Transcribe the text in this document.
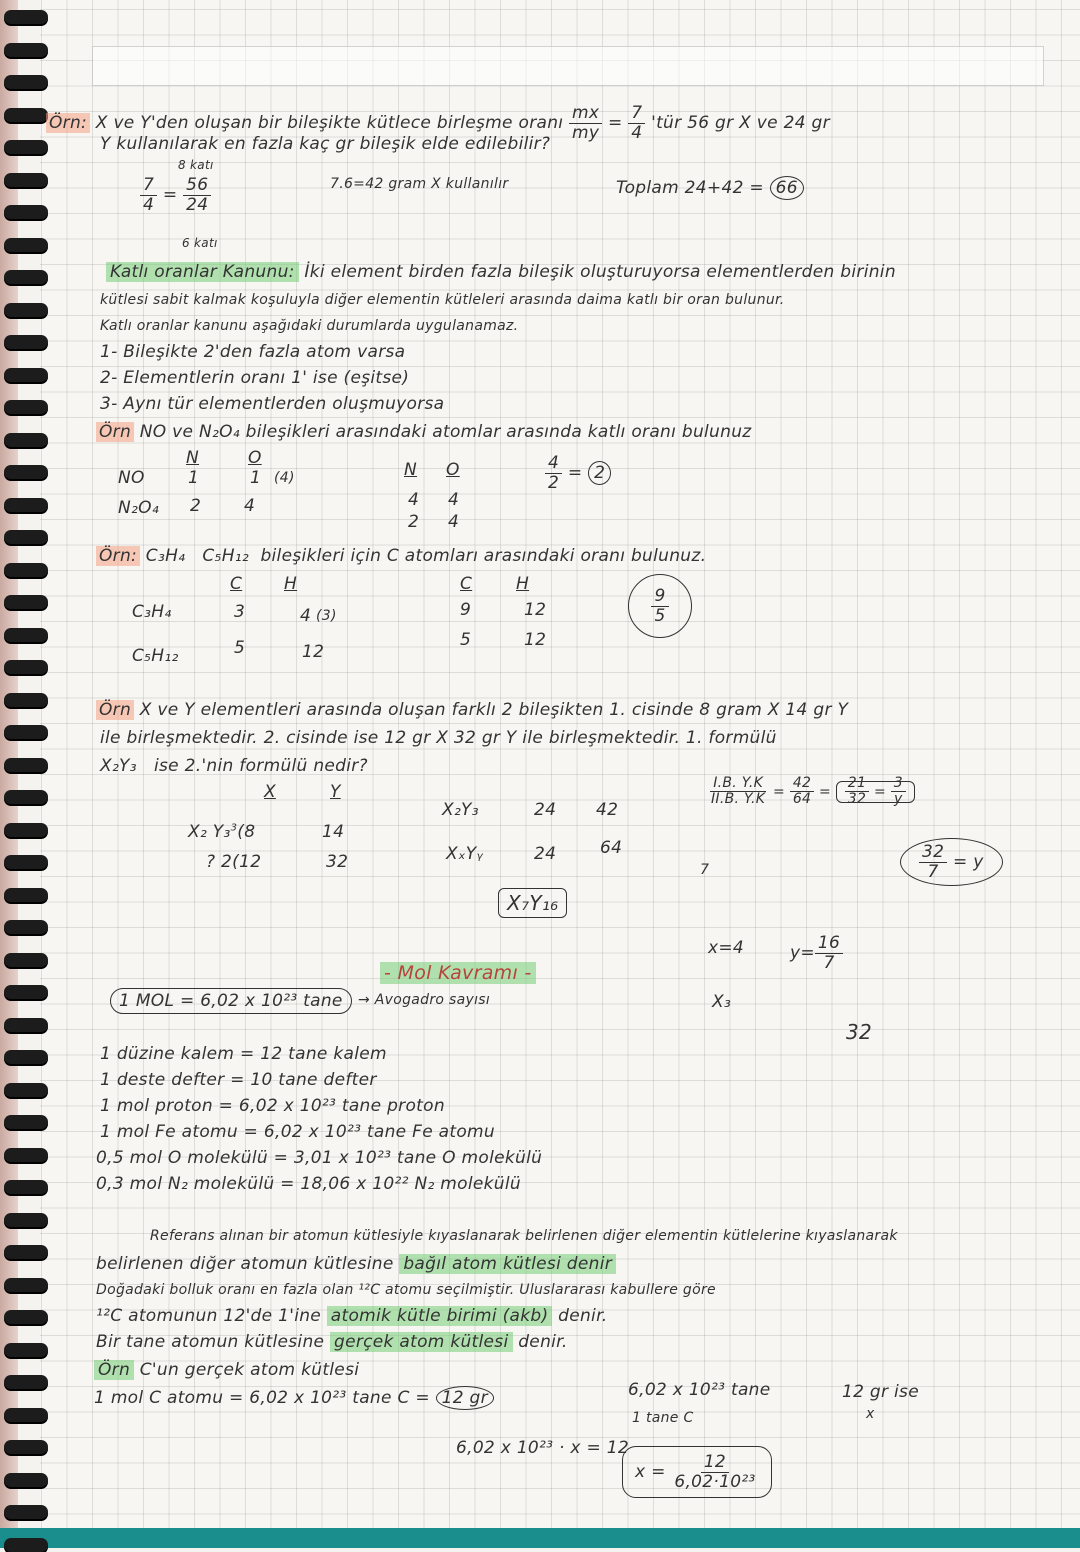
Örn: X ve Y'den oluşan bir bileşikte kütlece birleşme oranı $\frac{mx}{my} = \frac{7}{4}$ 'tür 56 gr X ve 24 gr
Y kullanılarak en fazla kaç gr bileşik elde edilebilir?
8 katı
$\frac{7}{4} = \frac{56}{24}$
6 katı
7.6=42 gram X kullanılır	Toplam 24+42 = 66
Katlı oranlar Kanunu: İki element birden fazla bileşik oluşturuyorsa elementlerden birinin
kütlesi sabit kalmak koşuluyla diğer elementin kütleleri arasında daima katlı bir oran bulunur.
Katlı oranlar kanunu aşağıdaki durumlarda uygulanamaz.
1- Bileşikte 2'den fazla atom varsa
2- Elementlerin oranı 1' ise (eşitse)
3- Aynı tür elementlerden oluşmuyorsa
Örn NO ve N₂O₄ bileşikleri arasındaki atomlar arasında katlı oranı bulunuz
N	O
NO	1	1 (4)
N₂O₄ 2	4
N O
4 4
2 4
$\frac{4}{2} = 2$
Örn: C₃H₄ C₅H₁₂ bileşikleri için C atomları arasındaki oranı bulunuz.
C H
C₃H₄	3	4 (3)
C₅H₁₂	5	12
C	H
9	12
5	12
$\frac{9}{5}$
Örn X ve Y elementleri arasında oluşan farklı 2 bileşikten 1. cisinde 8 gram X 14 gr Y
ile birleşmektedir. 2. cisinde ise 12 gr X 32 gr Y ile birleşmektedir. 1. formülü
X₂Y₃ ise 2.'nin formülü nedir?
X	Y
X₂ Y₃$^3$(8	14
? 2(12	32
X₂Y₃	24 42
XₓYᵧ	24	64
X₇Y₁₆
$\frac{I.B. Y.K}{II.B. Y.K} = \frac{42}{64} = \frac{21}{32} = \frac{3}{y}$
$\frac{32}{7} = y$
x=4	$y= \frac{16}{7}$
7
X₃
32
- Mol Kavramı -
1 MOL = 6,02 x 10²³ tane	→ Avogadro sayısı
1 düzine kalem = 12 tane kalem
1 deste defter = 10 tane defter
1 mol proton = 6,02 x 10²³ tane proton
1 mol Fe atomu = 6,02 x 10²³ tane Fe atomu
0,5 mol O molekülü = 3,01 x 10²³ tane O molekülü
0,3 mol N₂ molekülü = 18,06 x 10²² N₂ molekülü
Referans alınan bir atomun kütlesiyle kıyaslanarak belirlenen diğer elementin kütlelerine kıyaslanarak
belirlenen diğer atomun kütlesine bağıl atom kütlesi denir
Doğadaki bolluk oranı en fazla olan ¹²C atomu seçilmiştir. Uluslararası kabullere göre
¹²C atomunun 12'de 1'ine atomik kütle birimi (akb) denir.
Bir tane atomun kütlesine gerçek atom kütlesi denir.
Örn C'un gerçek atom kütlesi
1 mol C atomu = 6,02 x 10²³ tane C = 12 gr	6,02 x 10²³ tane	12 gr ise
1 tane C	x
6,02 x 10²³ · x = 12
$x = \frac{12}{\text{6,02·10²³}}$
